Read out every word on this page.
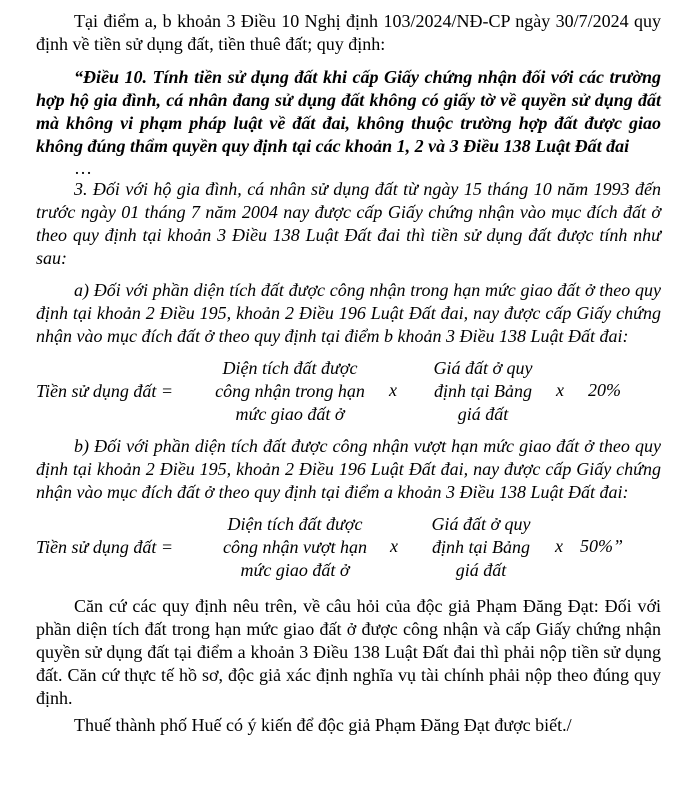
Tại điểm a, b khoản 3 Điều 10 Nghị định 103/2024/NĐ-CP ngày 30/7/2024 quy định về tiền sử dụng đất, tiền thuê đất; quy định:

“Điều 10. Tính tiền sử dụng đất khi cấp Giấy chứng nhận đối với các trường hợp hộ gia đình, cá nhân đang sử dụng đất không có giấy tờ về quyền sử dụng đất mà không vi phạm pháp luật về đất đai, không thuộc trường hợp đất được giao không đúng thẩm quyền quy định tại các khoản 1, 2 và 3 Điều 138 Luật Đất đai

…

3. Đối với hộ gia đình, cá nhân sử dụng đất từ ngày 15 tháng 10 năm 1993 đến trước ngày 01 tháng 7 năm 2004 nay được cấp Giấy chứng nhận vào mục đích đất ở theo quy định tại khoản 3 Điều 138 Luật Đất đai thì tiền sử dụng đất được tính như sau:

a) Đối với phần diện tích đất được công nhận trong hạn mức giao đất ở theo quy định tại khoản 2 Điều 195, khoản 2 Điều 196 Luật Đất đai, nay được cấp Giấy chứng nhận vào mục đích đất ở theo quy định tại điểm b khoản 3 Điều 138 Luật Đất đai:

Tiền sử dụng đất =
Diện tích đất được
công nhận trong hạn
mức giao đất ở
x
Giá đất ở quy
định tại Bảng
giá đất
x 20%

b) Đối với phần diện tích đất được công nhận vượt hạn mức giao đất ở theo quy định tại khoản 2 Điều 195, khoản 2 Điều 196 Luật Đất đai, nay được cấp Giấy chứng nhận vào mục đích đất ở theo quy định tại điểm a khoản 3 Điều 138 Luật Đất đai:

Tiền sử dụng đất =
Diện tích đất được
công nhận vượt hạn
mức giao đất ở
x
Giá đất ở quy
định tại Bảng
giá đất
x 50%”

Căn cứ các quy định nêu trên, về câu hỏi của độc giả Phạm Đăng Đạt: Đối với phần diện tích đất trong hạn mức giao đất ở được công nhận và cấp Giấy chứng nhận quyền sử dụng đất tại điểm a khoản 3 Điều 138 Luật Đất đai thì phải nộp tiền sử dụng đất. Căn cứ thực tế hồ sơ, độc giả xác định nghĩa vụ tài chính phải nộp theo đúng quy định.

Thuế thành phố Huế có ý kiến để độc giả Phạm Đăng Đạt được biết./
